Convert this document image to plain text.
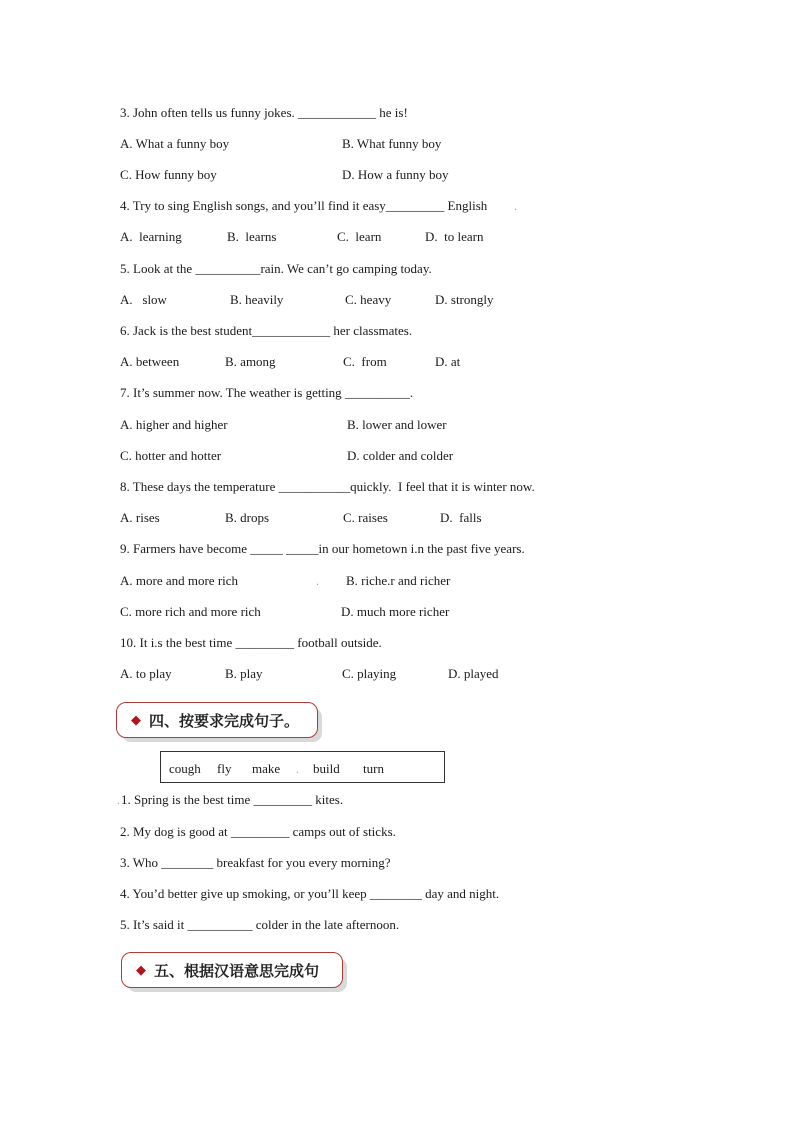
3. John often tells us funny jokes. ____________ he is!
A. What a funny boy	B. What funny boy
C. How funny boy	D. How a funny boy
4. Try to sing English songs, and you’ll find it easy_________ English .
A.  learning	B.  learns	C.  learn	D.  to learn
5. Look at the __________rain. We can’t go camping today.
A.   slow	B. heavily	C. heavy	D. strongly
6. Jack is the best student____________ her classmates.
A. between	B. among	C.  from	D. at
7. It’s summer now. The weather is getting __________.
A. higher and higher	B. lower and lower
C. hotter and hotter	D. colder and colder
8. These days the temperature ___________quickly.  I feel that it is winter now.
A. rises	B. drops	C. raises	D.  falls
9. Farmers have become _____ _____in our hometown i.n the past five years.
A. more and more rich	. B. riche.r and richer
C. more rich and more rich	D. much more richer
10. It i.s the best time _________ football outside.
A. to play	B. play	C. playing	D. played
◆ 四、按要求完成句子。
cough fly make . build turn
. 1. Spring is the best time _________ kites.
2. My dog is good at _________ camps out of sticks.
3. Who ________ breakfast for you every morning?
4. You’d better give up smoking, or you’ll keep ________ day and night.
5. It’s said it __________ colder in the late afternoon.
◆ 五、根据汉语意思完成句
